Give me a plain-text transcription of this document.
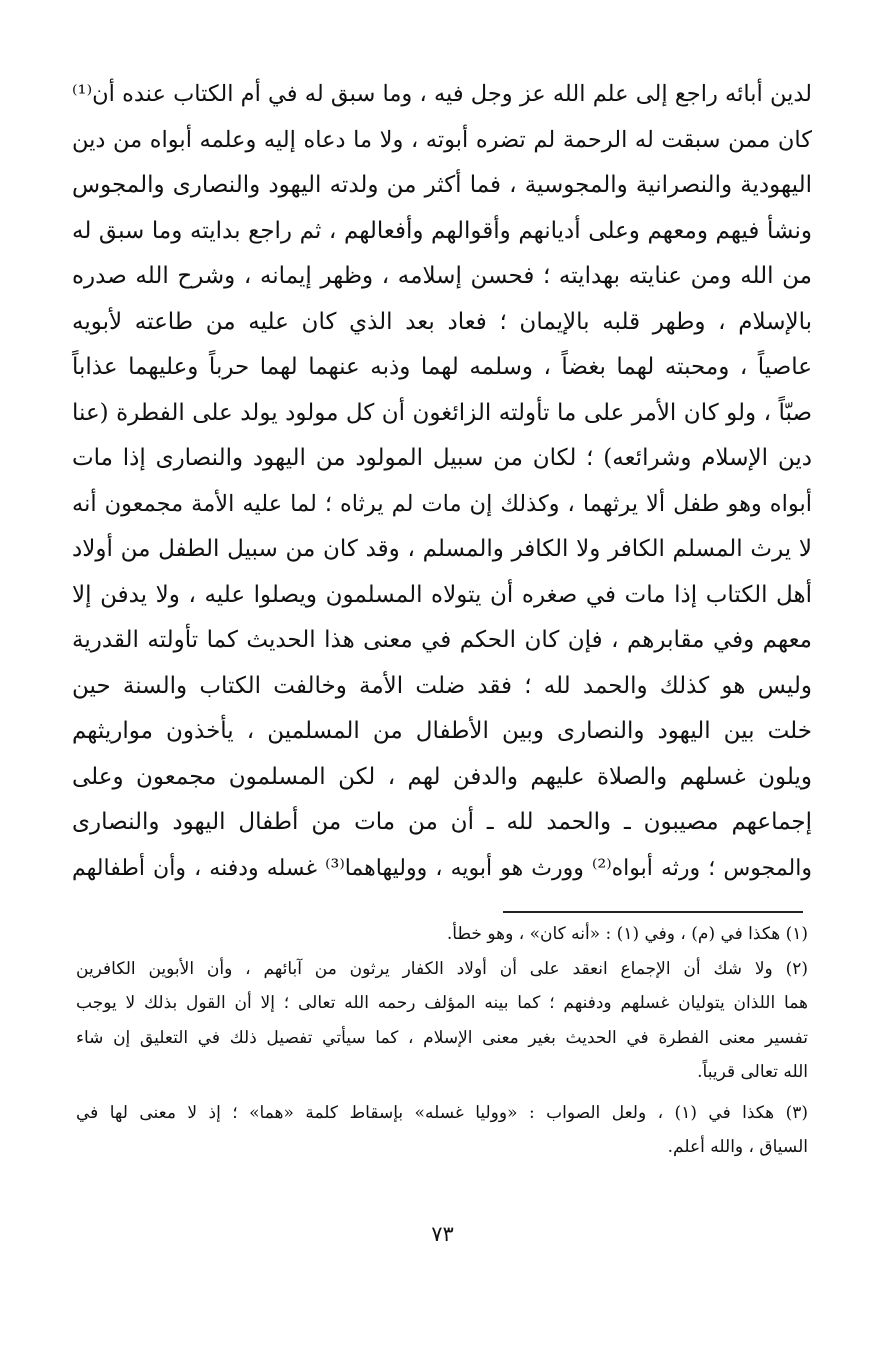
لدين أبائه راجع إلى علم الله عز وجل فيه ، وما سبق له في أم الكتاب عنده أن⁽¹⁾
كان ممن سبقت له الرحمة لم تضره أبوته ، ولا ما دعاه إليه وعلمه أبواه من دين
اليهودية والنصرانية والمجوسية ، فما أكثر من ولدته اليهود والنصارى والمجوس
ونشأ فيهم ومعهم وعلى أديانهم وأقوالهم وأفعالهم ، ثم راجع بدايته وما سبق له
من الله ومن عنايته بهدايته ؛ فحسن إسلامه ، وظهر إيمانه ، وشرح الله صدره
بالإسلام ، وطهر قلبه بالإيمان ؛ فعاد بعد الذي كان عليه من طاعته لأبويه
عاصياً ، ومحبته لهما بغضاً ، وسلمه لهما وذبه عنهما لهما حرباً وعليهما عذاباً
صبّاً ، ولو كان الأمر على ما تأولته الزائغون أن كل مولود يولد على الفطرة (عنا
دين الإسلام وشرائعه) ؛ لكان من سبيل المولود من اليهود والنصارى إذا مات
أبواه وهو طفل ألا يرثهما ، وكذلك إن مات لم يرثاه ؛ لما عليه الأمة مجمعون أنه
لا يرث المسلم الكافر ولا الكافر والمسلم ، وقد كان من سبيل الطفل من أولاد
أهل الكتاب إذا مات في صغره أن يتولاه المسلمون ويصلوا عليه ، ولا يدفن إلا
معهم وفي مقابرهم ، فإن كان الحكم في معنى هذا الحديث كما تأولته القدرية
وليس هو كذلك والحمد لله ؛ فقد ضلت الأمة وخالفت الكتاب والسنة حين
خلت بين اليهود والنصارى وبين الأطفال من المسلمين ، يأخذون مواريثهم
ويلون غسلهم والصلاة عليهم والدفن لهم ، لكن المسلمون مجمعون وعلى
إجماعهم مصيبون ـ والحمد لله ـ أن من مات من أطفال اليهود والنصارى
والمجوس ؛ ورثه أبواه⁽²⁾ وورث هو أبويه ، ووليهاهما⁽³⁾ غسله ودفنه ، وأن أطفالهم
(١) هكذا في (م) ، وفي (١) : «أنه كان» ، وهو خطأ.
(٢) ولا شك أن الإجماع انعقد على أن أولاد الكفار يرثون من آبائهم ، وأن الأبوين الكافرين
هما اللذان يتوليان غسلهم ودفنهم ؛ كما بينه المؤلف رحمه الله تعالى ؛ إلا أن القول بذلك لا يوجب
تفسير معنى الفطرة في الحديث بغير معنى الإسلام ، كما سيأتي تفصيل ذلك في التعليق إن شاء
الله تعالى قريباً.
(٣) هكذا في (١) ، ولعل الصواب : «ووليا غسله» بإسقاط كلمة «هما» ؛ إذ لا معنى لها في
السياق ، والله أعلم.
٧٣
